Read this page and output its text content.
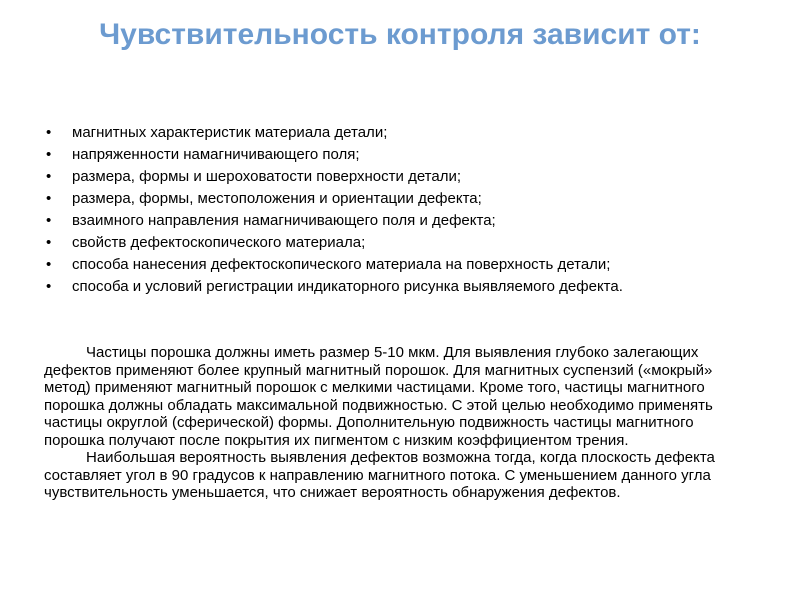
Чувствительность контроля зависит от:
• магнитных характеристик материала детали;
• напряженности намагничивающего поля;
• размера, формы и шероховатости поверхности детали;
• размера, формы, местоположения и ориентации дефекта;
• взаимного направления намагничивающего поля и дефекта;
• свойств дефектоскопического материала;
• способа нанесения дефектоскопического материала на поверхность детали;
• способа и условий регистрации индикаторного рисунка выявляемого дефекта.

Частицы порошка должны иметь размер 5-10 мкм. Для выявления глубоко залегающих дефектов применяют более крупный магнитный порошок. Для магнитных суспензий («мокрый» метод) применяют магнитный порошок с мелкими частицами. Кроме того, частицы магнитного порошка должны обладать максимальной подвижностью. С этой целью необходимо применять частицы округлой (сферической) формы. Дополнительную подвижность частицы магнитного порошка получают после покрытия их пигментом с низким коэффициентом трения.

Наибольшая вероятность выявления дефектов возможна тогда, когда плоскость дефекта составляет угол в 90 градусов к направлению магнитного потока. С уменьшением данного угла чувствительность уменьшается, что снижает вероятность обнаружения дефектов.
